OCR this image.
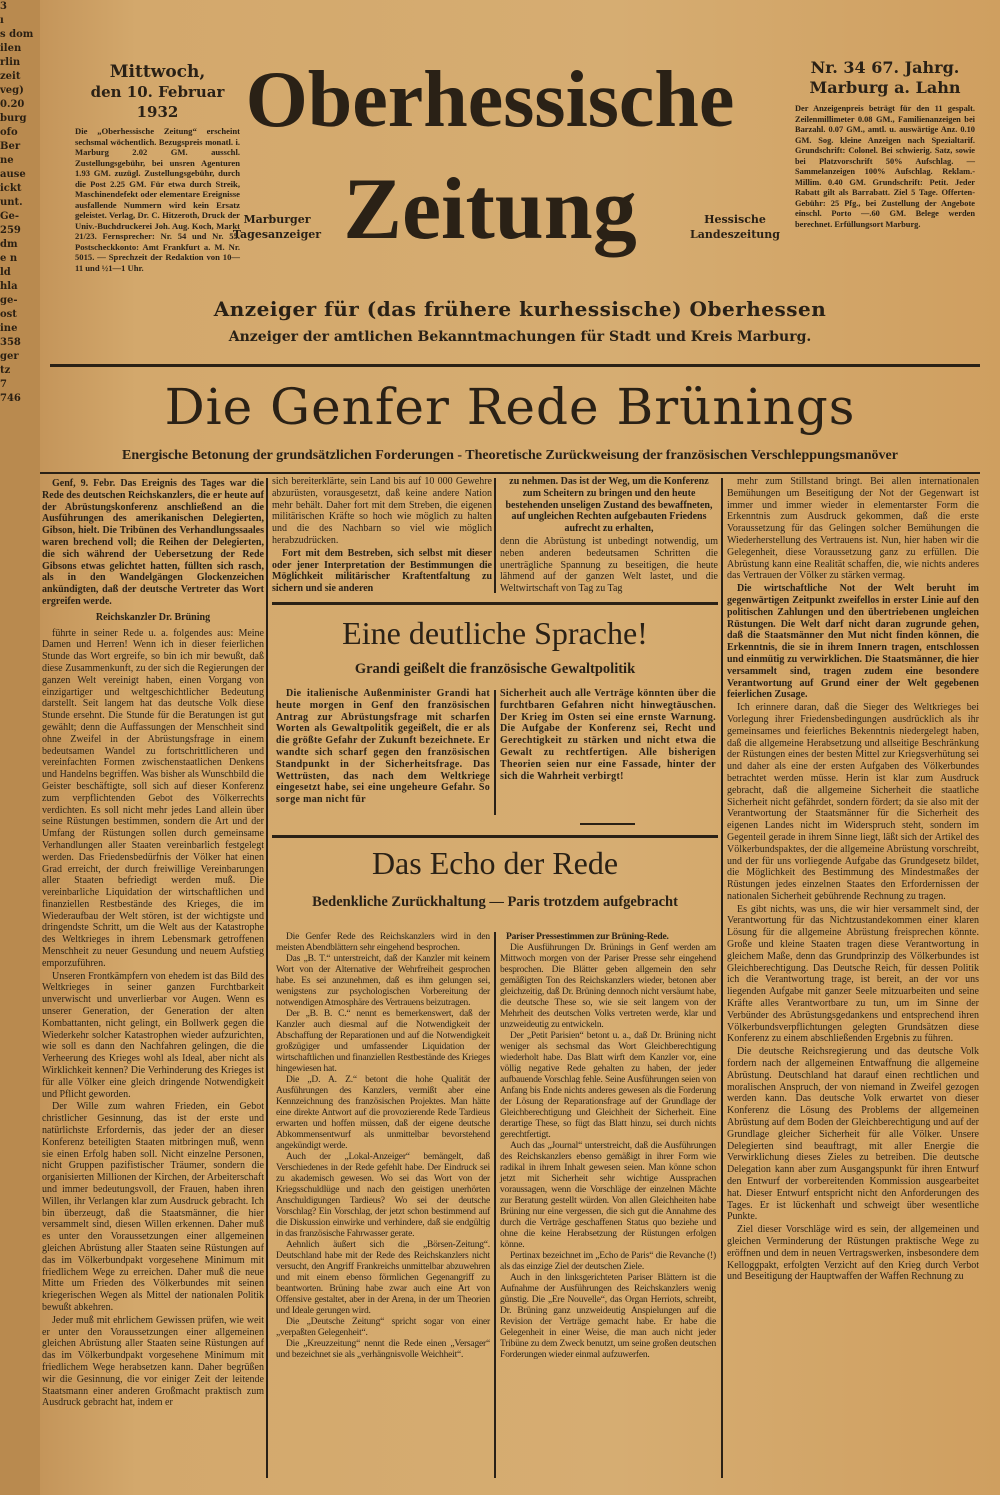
3
ı
s dom
ilen
rlin
zeit
veg)
0.20
burg
ofo
Ber
ne
ause
ickt
unt.
Ge-
259
dm
e n
ld
hla
ge-
ost
ine
358
ger
tz
7
746
Mittwoch,
den 10. Februar 1932
Die „Oberhessische Zeitung“ erscheint sechsmal wöchentlich. Bezugspreis monatl. i. Marburg 2.02 GM. ausschl. Zustellungsgebühr, bei unsren Agenturen 1.93 GM. zuzügl. Zustellungsgebühr, durch die Post 2.25 GM. Für etwa durch Streik, Maschinendefekt oder elementare Ereignisse ausfallende Nummern wird kein Ersatz geleistet. Verlag, Dr. C. Hitzeroth, Druck der Univ.-Buchdruckerei Joh. Aug. Koch, Markt 21/23. Fernsprecher: Nr. 54 und Nr. 55. Postscheckkonto: Amt Frankfurt a. M. Nr. 5015. — Sprechzeit der Redaktion von 10—11 und ½1—1 Uhr.
Oberhessische
Zeitung
Marburger
Tagesanzeiger
Hessische
Landeszeitung
Nr. 34 67. Jahrg.
Marburg a. Lahn
Der Anzeigenpreis beträgt für den 11 gespalt. Zeilenmillimeter 0.08 GM., Familienanzeigen bei Barzahl. 0.07 GM., amtl. u. auswärtige Anz. 0.10 GM. Sog. kleine Anzeigen nach Spezialtarif. Grundschrift: Colonel. Bei schwierig. Satz, sowie bei Platzvorschrift 50% Aufschlag. — Sammelanzeigen 100% Aufschlag. Reklam.-Millim. 0.40 GM. Grundschrift: Petit. Jeder Rabatt gilt als Barrabatt. Ziel 5 Tage. Offerten-Gebühr: 25 Pfg., bei Zustellung der Angebote einschl. Porto —.60 GM. Belege werden berechnet. Erfüllungsort Marburg.
Anzeiger für (das frühere kurhessische) Oberhessen
Anzeiger der amtlichen Bekanntmachungen für Stadt und Kreis Marburg.
Die Genfer Rede Brünings
Energische Betonung der grundsätzlichen Forderungen - Theoretische Zurückweisung der französischen Verschleppungsmanöver

Genf, 9. Febr. Das Ereignis des Tages war die Rede des deutschen Reichskanzlers, die er heute auf der Abrüstungskonferenz anschließend an die Ausführungen des amerikanischen Delegierten, Gibson, hielt. Die Tribünen des Verhandlungssaales waren brechend voll; die Reihen der Delegierten, die sich während der Uebersetzung der Rede Gibsons etwas gelichtet hatten, füllten sich rasch, als in den Wandelgängen Glockenzeichen ankündigten, daß der deutsche Vertreter das Wort ergreifen werde.

Reichskanzler Dr. Brüning

führte in seiner Rede u. a. folgendes aus: Meine Damen und Herren! Wenn ich in dieser feierlichen Stunde das Wort ergreife, so bin ich mir bewußt, daß diese Zusammenkunft, zu der sich die Regierungen der ganzen Welt vereinigt haben, einen Vorgang von einzigartiger und weltgeschichtlicher Bedeutung darstellt. Seit langem hat das deutsche Volk diese Stunde ersehnt. Die Stunde für die Beratungen ist gut gewählt; denn die Auffassungen der Menschheit sind ohne Zweifel in der Abrüstungsfrage in einem bedeutsamen Wandel zu fortschrittlicheren und vereinfachten Formen zwischenstaatlichen Denkens und Handelns begriffen. Was bisher als Wunschbild die Geister beschäftigte, soll sich auf dieser Konferenz zum verpflichtenden Gebot des Völkerrechts verdichten. Es soll nicht mehr jedes Land allein über seine Rüstungen bestimmen, sondern die Art und der Umfang der Rüstungen sollen durch gemeinsame Verhandlungen aller Staaten vereinbarlich festgelegt werden. Das Friedensbedürfnis der Völker hat einen Grad erreicht, der durch freiwillige Vereinbarungen aller Staaten befriedigt werden muß. Die vereinbarliche Liquidation der wirtschaftlichen und finanziellen Restbestände des Krieges, die im Wiederaufbau der Welt stören, ist der wichtigste und dringendste Schritt, um die Welt aus der Katastrophe des Weltkrieges in ihrem Lebensmark getroffenen Menschheit zu neuer Gesundung und neuem Aufstieg emporzuführen.

Unseren Frontkämpfern von ehedem ist das Bild des Weltkrieges in seiner ganzen Furchtbarkeit unverwischt und unverlierbar vor Augen. Wenn es unserer Generation, der Generation der alten Kombattanten, nicht gelingt, ein Bollwerk gegen die Wiederkehr solcher Katastrophen wieder aufzurichten, wie soll es dann den Nachfahren gelingen, die die Verheerung des Krieges wohl als Ideal, aber nicht als Wirklichkeit kennen? Die Verhinderung des Krieges ist für alle Völker eine gleich dringende Notwendigkeit und Pflicht geworden.

Der Wille zum wahren Frieden, ein Gebot christlicher Gesinnung, das ist der erste und natürlichste Erfordernis, das jeder der an dieser Konferenz beteiligten Staaten mitbringen muß, wenn sie einen Erfolg haben soll. Nicht einzelne Personen, nicht Gruppen pazifistischer Träumer, sondern die organisierten Millionen der Kirchen, der Arbeiterschaft und immer bedeutungsvoll, der Frauen, haben ihren Willen, ihr Verlangen klar zum Ausdruck gebracht. Ich bin überzeugt, daß die Staatsmänner, die hier versammelt sind, diesen Willen erkennen. Daher muß es unter den Voraussetzungen einer allgemeinen gleichen Abrüstung aller Staaten seine Rüstungen auf das im Völkerbundpakt vorgesehene Minimum mit friedlichem Wege zu erreichen. Daher muß die neue Mitte um Frieden des Völkerbundes mit seinen kriegerischen Wegen als Mittel der nationalen Politik bewußt abkehren.

Jeder muß mit ehrlichem Gewissen prüfen, wie weit er unter den Voraussetzungen einer allgemeinen gleichen Abrüstung aller Staaten seine Rüstungen auf das im Völkerbundpakt vorgesehene Minimum mit friedlichem Wege herabsetzen kann. Daher begrüßen wir die Gesinnung, die vor einiger Zeit der leitende Staatsmann einer anderen Großmacht praktisch zum Ausdruck gebracht hat, indem er

sich bereiterklärte, sein Land bis auf 10 000 Gewehre abzurüsten, vorausgesetzt, daß keine andere Nation mehr behält. Daher fort mit dem Streben, die eigenen militärischen Kräfte so hoch wie möglich zu halten und die des Nachbarn so viel wie möglich herabzudrücken.

Fort mit dem Bestreben, sich selbst mit dieser oder jener Interpretation der Bestimmungen die Möglichkeit militärischer Kraftentfaltung zu sichern und sie anderen

zu nehmen. Das ist der Weg, um die Konferenz zum Scheitern zu bringen und den heute bestehenden unseligen Zustand des bewaffneten, auf ungleichen Rechten aufgebauten Friedens aufrecht zu erhalten,

denn die Abrüstung ist unbedingt notwendig, um neben anderen bedeutsamen Schritten die unerträgliche Spannung zu beseitigen, die heute lähmend auf der ganzen Welt lastet, und die Weltwirtschaft von Tag zu Tag

mehr zum Stillstand bringt. Bei allen internationalen Bemühungen um Beseitigung der Not der Gegenwart ist immer und immer wieder in elementarster Form die Erkenntnis zum Ausdruck gekommen, daß die erste Voraussetzung für das Gelingen solcher Bemühungen die Wiederherstellung des Vertrauens ist. Nun, hier haben wir die Gelegenheit, diese Voraussetzung ganz zu erfüllen. Die Abrüstung kann eine Realität schaffen, die, wie nichts anderes das Vertrauen der Völker zu stärken vermag.

Die wirtschaftliche Not der Welt beruht im gegenwärtigen Zeitpunkt zweifellos in erster Linie auf den politischen Zahlungen und den übertriebenen ungleichen Rüstungen. Die Welt darf nicht daran zugrunde gehen, daß die Staatsmänner den Mut nicht finden können, die Erkenntnis, die sie in ihrem Innern tragen, entschlossen und einmütig zu verwirklichen. Die Staatsmänner, die hier versammelt sind, tragen zudem eine besondere Verantwortung auf Grund einer der Welt gegebenen feierlichen Zusage.

Ich erinnere daran, daß die Sieger des Weltkrieges bei Vorlegung ihrer Friedensbedingungen ausdrücklich als ihr gemeinsames und feierliches Bekenntnis niedergelegt haben, daß die allgemeine Herabsetzung und allseitige Beschränkung der Rüstungen eines der besten Mittel zur Kriegsverhütung sei und daher als eine der ersten Aufgaben des Völkerbundes betrachtet werden müsse. Herin ist klar zum Ausdruck gebracht, daß die allgemeine Sicherheit die staatliche Sicherheit nicht gefährdet, sondern fördert; da sie also mit der Verantwortung der Staatsmänner für die Sicherheit des eigenen Landes nicht im Widerspruch steht, sondern im Gegenteil gerade in ihrem Sinne liegt, läßt sich der Artikel des Völkerbundspaktes, der die allgemeine Abrüstung vorschreibt, und der für uns vorliegende Aufgabe das Grundgesetz bildet, die Möglichkeit des Bestimmung des Mindestmaßes der Rüstungen jedes einzelnen Staates den Erfordernissen der nationalen Sicherheit gebührende Rechnung zu tragen.

Es gibt nichts, was uns, die wir hier versammelt sind, der Verantwortung für das Nichtzustandekommen einer klaren Lösung für die allgemeine Abrüstung freisprechen könnte. Große und kleine Staaten tragen diese Verantwortung in gleichem Maße, denn das Grundprinzip des Völkerbundes ist Gleichberechtigung. Das Deutsche Reich, für dessen Politik ich die Verantwortung trage, ist bereit, an der vor uns liegenden Aufgabe mit ganzer Seele mitzuarbeiten und seine Kräfte alles Verantwortbare zu tun, um im Sinne der Verbünder des Abrüstungsgedankens und entsprechend ihren Völkerbundsverpflichtungen gelegten Grundsätzen diese Konferenz zu einem abschließenden Ergebnis zu führen.

Die deutsche Reichsregierung und das deutsche Volk fordern nach der allgemeinen Entwaffnung die allgemeine Abrüstung. Deutschland hat darauf einen rechtlichen und moralischen Anspruch, der von niemand in Zweifel gezogen werden kann. Das deutsche Volk erwartet von dieser Konferenz die Lösung des Problems der allgemeinen Abrüstung auf dem Boden der Gleichberechtigung und auf der Grundlage gleicher Sicherheit für alle Völker. Unsere Delegierten sind beauftragt, mit aller Energie die Verwirklichung dieses Zieles zu betreiben. Die deutsche Delegation kann aber zum Ausgangspunkt für ihren Entwurf den Entwurf der vorbereitenden Kommission ausgearbeitet hat. Dieser Entwurf entspricht nicht den Anforderungen des Tages. Er ist lückenhaft und schweigt über wesentliche Punkte.

Ziel dieser Vorschläge wird es sein, der allgemeinen und gleichen Verminderung der Rüstungen praktische Wege zu eröffnen und dem in neuen Vertragswerken, insbesondere dem Kelloggpakt, erfolgten Verzicht auf den Krieg durch Verbot und Beseitigung der Hauptwaffen der Waffen Rechnung zu

Eine deutliche Sprache!
Grandi geißelt die französische Gewaltpolitik

Die italienische Außenminister Grandi hat heute morgen in Genf den französischen Antrag zur Abrüstungsfrage mit scharfen Worten als Gewaltpolitik gegeißelt, die er als die größte Gefahr der Zukunft bezeichnete. Er wandte sich scharf gegen den französischen Standpunkt in der Sicherheitsfrage. Das Wettrüsten, das nach dem Weltkriege eingesetzt habe, sei eine ungeheure Gefahr. So sorge man nicht für

Sicherheit auch alle Verträge könnten über die furchtbaren Gefahren nicht hinwegtäuschen. Der Krieg im Osten sei eine ernste Warnung. Die Aufgabe der Konferenz sei, Recht und Gerechtigkeit zu stärken und nicht etwa die Gewalt zu rechtfertigen. Alle bisherigen Theorien seien nur eine Fassade, hinter der sich die Wahrheit verbirgt!

Das Echo der Rede
Bedenkliche Zurückhaltung — Paris trotzdem aufgebracht

Die Genfer Rede des Reichskanzlers wird in den meisten Abendblättern sehr eingehend besprochen.

Das „B. T.“ unterstreicht, daß der Kanzler mit keinem Wort von der Alternative der Wehrfreiheit gesprochen habe. Es sei anzunehmen, daß es ihm gelungen sei, wenigstens zur psychologischen Vorbereitung der notwendigen Atmosphäre des Vertrauens beizutragen.

Der „B. B. C.“ nennt es bemerkenswert, daß der Kanzler auch diesmal auf die Notwendigkeit der Abschaffung der Reparationen und auf die Notwendigkeit großzügiger und umfassender Liquidation der wirtschaftlichen und finanziellen Restbestände des Krieges hingewiesen hat.

Die „D. A. Z.“ betont die hohe Qualität der Ausführungen des Kanzlers, vermißt aber eine Kennzeichnung des französischen Projektes. Man hätte eine direkte Antwort auf die provozierende Rede Tardieus erwarten und hoffen müssen, daß der eigene deutsche Abkommensentwurf als unmittelbar bevorstehend angekündigt werde.

Auch der „Lokal-Anzeiger“ bemängelt, daß Verschiedenes in der Rede gefehlt habe. Der Eindruck sei zu akademisch gewesen. Wo sei das Wort von der Kriegsschuldlüge und nach den geistigen unerhörten Anschuldigungen Tardieus? Wo sei der deutsche Vorschlag? Ein Vorschlag, der jetzt schon bestimmend auf die Diskussion einwirke und verhindere, daß sie endgültig in das französische Fahrwasser gerate.

Aehnlich äußert sich die „Börsen-Zeitung“. Deutschland habe mit der Rede des Reichskanzlers nicht versucht, den Angriff Frankreichs unmittelbar abzuwehren und mit einem ebenso förmlichen Gegenangriff zu beantworten. Brüning habe zwar auch eine Art von Offensive gestaltet, aber in der Arena, in der um Theorien und Ideale gerungen wird.

Die „Deutsche Zeitung“ spricht sogar von einer „verpaßten Gelegenheit“.

Die „Kreuzzeitung“ nennt die Rede einen „Versager“ und bezeichnet sie als „verhängnisvolle Weichheit“.

Pariser Pressestimmen zur Brüning-Rede.

Die Ausführungen Dr. Brünings in Genf werden am Mittwoch morgen von der Pariser Presse sehr eingehend besprochen. Die Blätter geben allgemein den sehr gemäßigten Ton des Reichskanzlers wieder, betonen aber gleichzeitig, daß Dr. Brüning dennoch nicht versäumt habe, die deutsche These so, wie sie seit langem von der Mehrheit des deutschen Volks vertreten werde, klar und unzweideutig zu entwickeln.

Der „Petit Parisien“ betont u. a., daß Dr. Brüning nicht weniger als sechsmal das Wort Gleichberechtigung wiederholt habe. Das Blatt wirft dem Kanzler vor, eine völlig negative Rede gehalten zu haben, der jeder aufbauende Vorschlag fehle. Seine Ausführungen seien von Anfang bis Ende nichts anderes gewesen als die Forderung der Lösung der Reparationsfrage auf der Grundlage der Gleichberechtigung und Gleichheit der Sicherheit. Eine derartige These, so fügt das Blatt hinzu, sei durch nichts gerechtfertigt.

Auch das „Journal“ unterstreicht, daß die Ausführungen des Reichskanzlers ebenso gemäßigt in ihrer Form wie radikal in ihrem Inhalt gewesen seien. Man könne schon jetzt mit Sicherheit sehr wichtige Aussprachen voraussagen, wenn die Vorschläge der einzelnen Mächte zur Beratung gestellt würden. Von allen Gleichheiten habe Brüning nur eine vergessen, die sich gut die Annahme des durch die Verträge geschaffenen Status quo beziehe und ohne die keine Herabsetzung der Rüstungen erfolgen könne.

Pertinax bezeichnet im „Echo de Paris“ die Revanche (!) als das einzige Ziel der deutschen Ziele.

Auch in den linksgerichteten Pariser Blättern ist die Aufnahme der Ausführungen des Reichskanzlers wenig günstig. Die „Ere Nouvelle“, das Organ Herriots, schreibt, Dr. Brüning ganz unzweideutig Anspielungen auf die Revision der Verträge gemacht habe. Er habe die Gelegenheit in einer Weise, die man auch nicht jeder Tribüne zu dem Zweck benutzt, um seine großen deutschen Forderungen wieder einmal aufzuwerfen.
